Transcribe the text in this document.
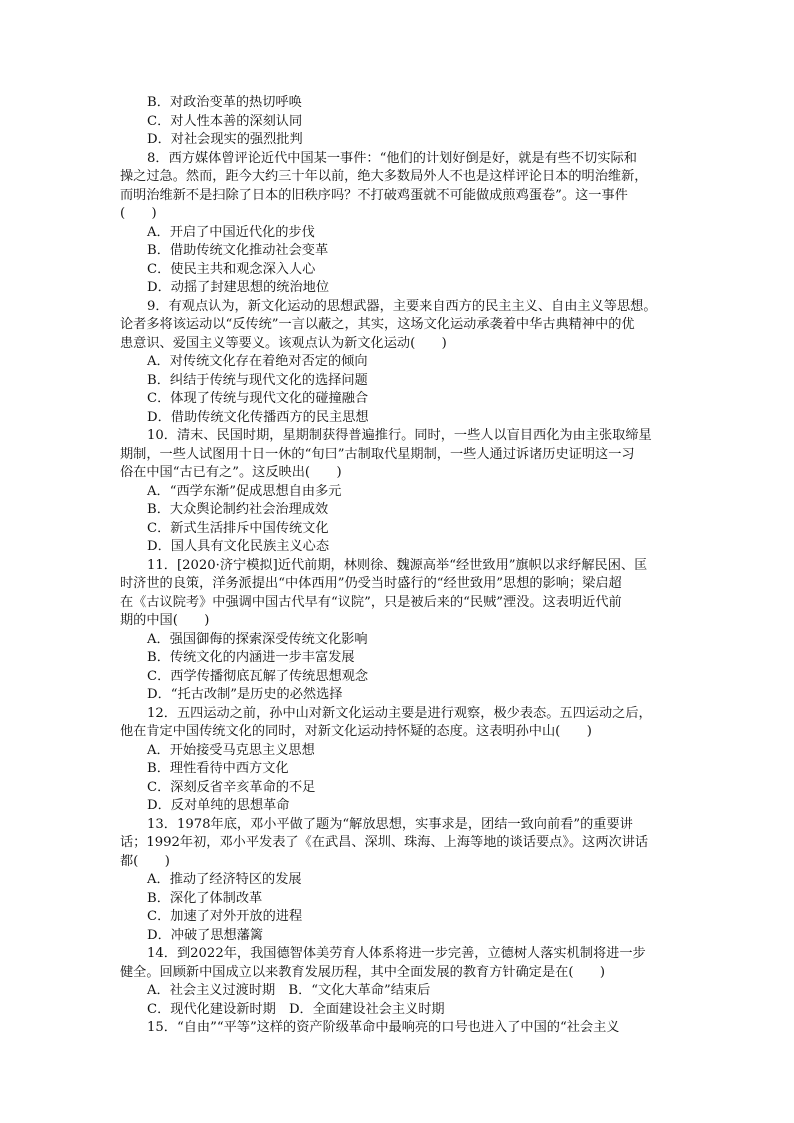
B．对政治变革的热切呼唤
C．对人性本善的深刻认同
D．对社会现实的强烈批判
8．西方媒体曾评论近代中国某一事件：“他们的计划好倒是好，就是有些不切实际和
操之过急。然而，距今大约三十年以前，绝大多数局外人不也是这样评论日本的明治维新，
而明治维新不是扫除了日本的旧秩序吗？不打破鸡蛋就不可能做成煎鸡蛋卷”。这一事件
(　　)
A．开启了中国近代化的步伐
B．借助传统文化推动社会变革
C．使民主共和观念深入人心
D．动摇了封建思想的统治地位
9．有观点认为，新文化运动的思想武器，主要来自西方的民主主义、自由主义等思想。
论者多将该运动以“反传统”一言以蔽之，其实，这场文化运动承袭着中华古典精神中的优
患意识、爱国主义等要义。该观点认为新文化运动(　　)
A．对传统文化存在着绝对否定的倾向
B．纠结于传统与现代文化的选择问题
C．体现了传统与现代文化的碰撞融合
D．借助传统文化传播西方的民主思想
10．清末、民国时期，星期制获得普遍推行。同时，一些人以盲目西化为由主张取缔星
期制，一些人试图用十日一休的“旬曰”古制取代星期制，一些人通过诉诸历史证明这一习
俗在中国“古已有之”。这反映出(　　)
A．“西学东渐”促成思想自由多元
B．大众舆论制约社会治理成效
C．新式生活排斥中国传统文化
D．国人具有文化民族主义心态
11．[2020·济宁模拟]近代前期，林则徐、魏源高举“经世致用”旗帜以求纾解民困、匡
时济世的良策，洋务派提出“中体西用”仍受当时盛行的“经世致用”思想的影响；梁启超
在《古议院考》中强调中国古代早有“议院”，只是被后来的“民贼”湮没。这表明近代前
期的中国(　　)
A．强国御侮的探索深受传统文化影响
B．传统文化的内涵进一步丰富发展
C．西学传播彻底瓦解了传统思想观念
D．“托古改制”是历史的必然选择
12．五四运动之前，孙中山对新文化运动主要是进行观察，极少表态。五四运动之后，
他在肯定中国传统文化的同时，对新文化运动持怀疑的态度。这表明孙中山(　　)
A．开始接受马克思主义思想
B．理性看待中西方文化
C．深刻反省辛亥革命的不足
D．反对单纯的思想革命
13．1978年底，邓小平做了题为“解放思想，实事求是，团结一致向前看”的重要讲
话；1992年初，邓小平发表了《在武昌、深圳、珠海、上海等地的谈话要点》。这两次讲话
都(　　)
A．推动了经济特区的发展
B．深化了体制改革
C．加速了对外开放的进程
D．冲破了思想藩篱
14．到2022年，我国德智体美劳育人体系将进一步完善，立德树人落实机制将进一步
健全。回顾新中国成立以来教育发展历程，其中全面发展的教育方针确定是在(　　)
A．社会主义过渡时期　B．“文化大革命”结束后
C．现代化建设新时期　D．全面建设社会主义时期
15．“自由”“平等”这样的资产阶级革命中最响亮的口号也进入了中国的“社会主义
